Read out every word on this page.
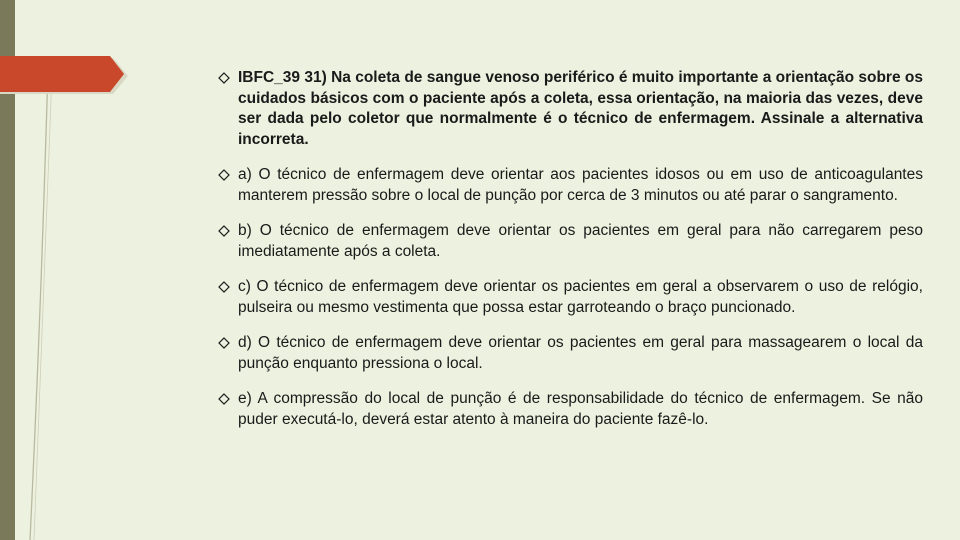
IBFC_39 31) Na coleta de sangue venoso periférico é muito importante a orientação sobre os cuidados básicos com o paciente após a coleta, essa orientação, na maioria das vezes, deve ser dada pelo coletor que normalmente é o técnico de enfermagem. Assinale a alternativa incorreta.
a) O técnico de enfermagem deve orientar aos pacientes idosos ou em uso de anticoagulantes manterem pressão sobre o local de punção por cerca de 3 minutos ou até parar o sangramento.
b) O técnico de enfermagem deve orientar os pacientes em geral para não carregarem peso imediatamente após a coleta.
c) O técnico de enfermagem deve orientar os pacientes em geral a observarem o uso de relógio, pulseira ou mesmo vestimenta que possa estar garroteando o braço puncionado.
d) O técnico de enfermagem deve orientar os pacientes em geral para massagearem o local da punção enquanto pressiona o local.
e) A compressão do local de punção é de responsabilidade do técnico de enfermagem. Se não puder executá-lo, deverá estar atento à maneira do paciente fazê-lo.
